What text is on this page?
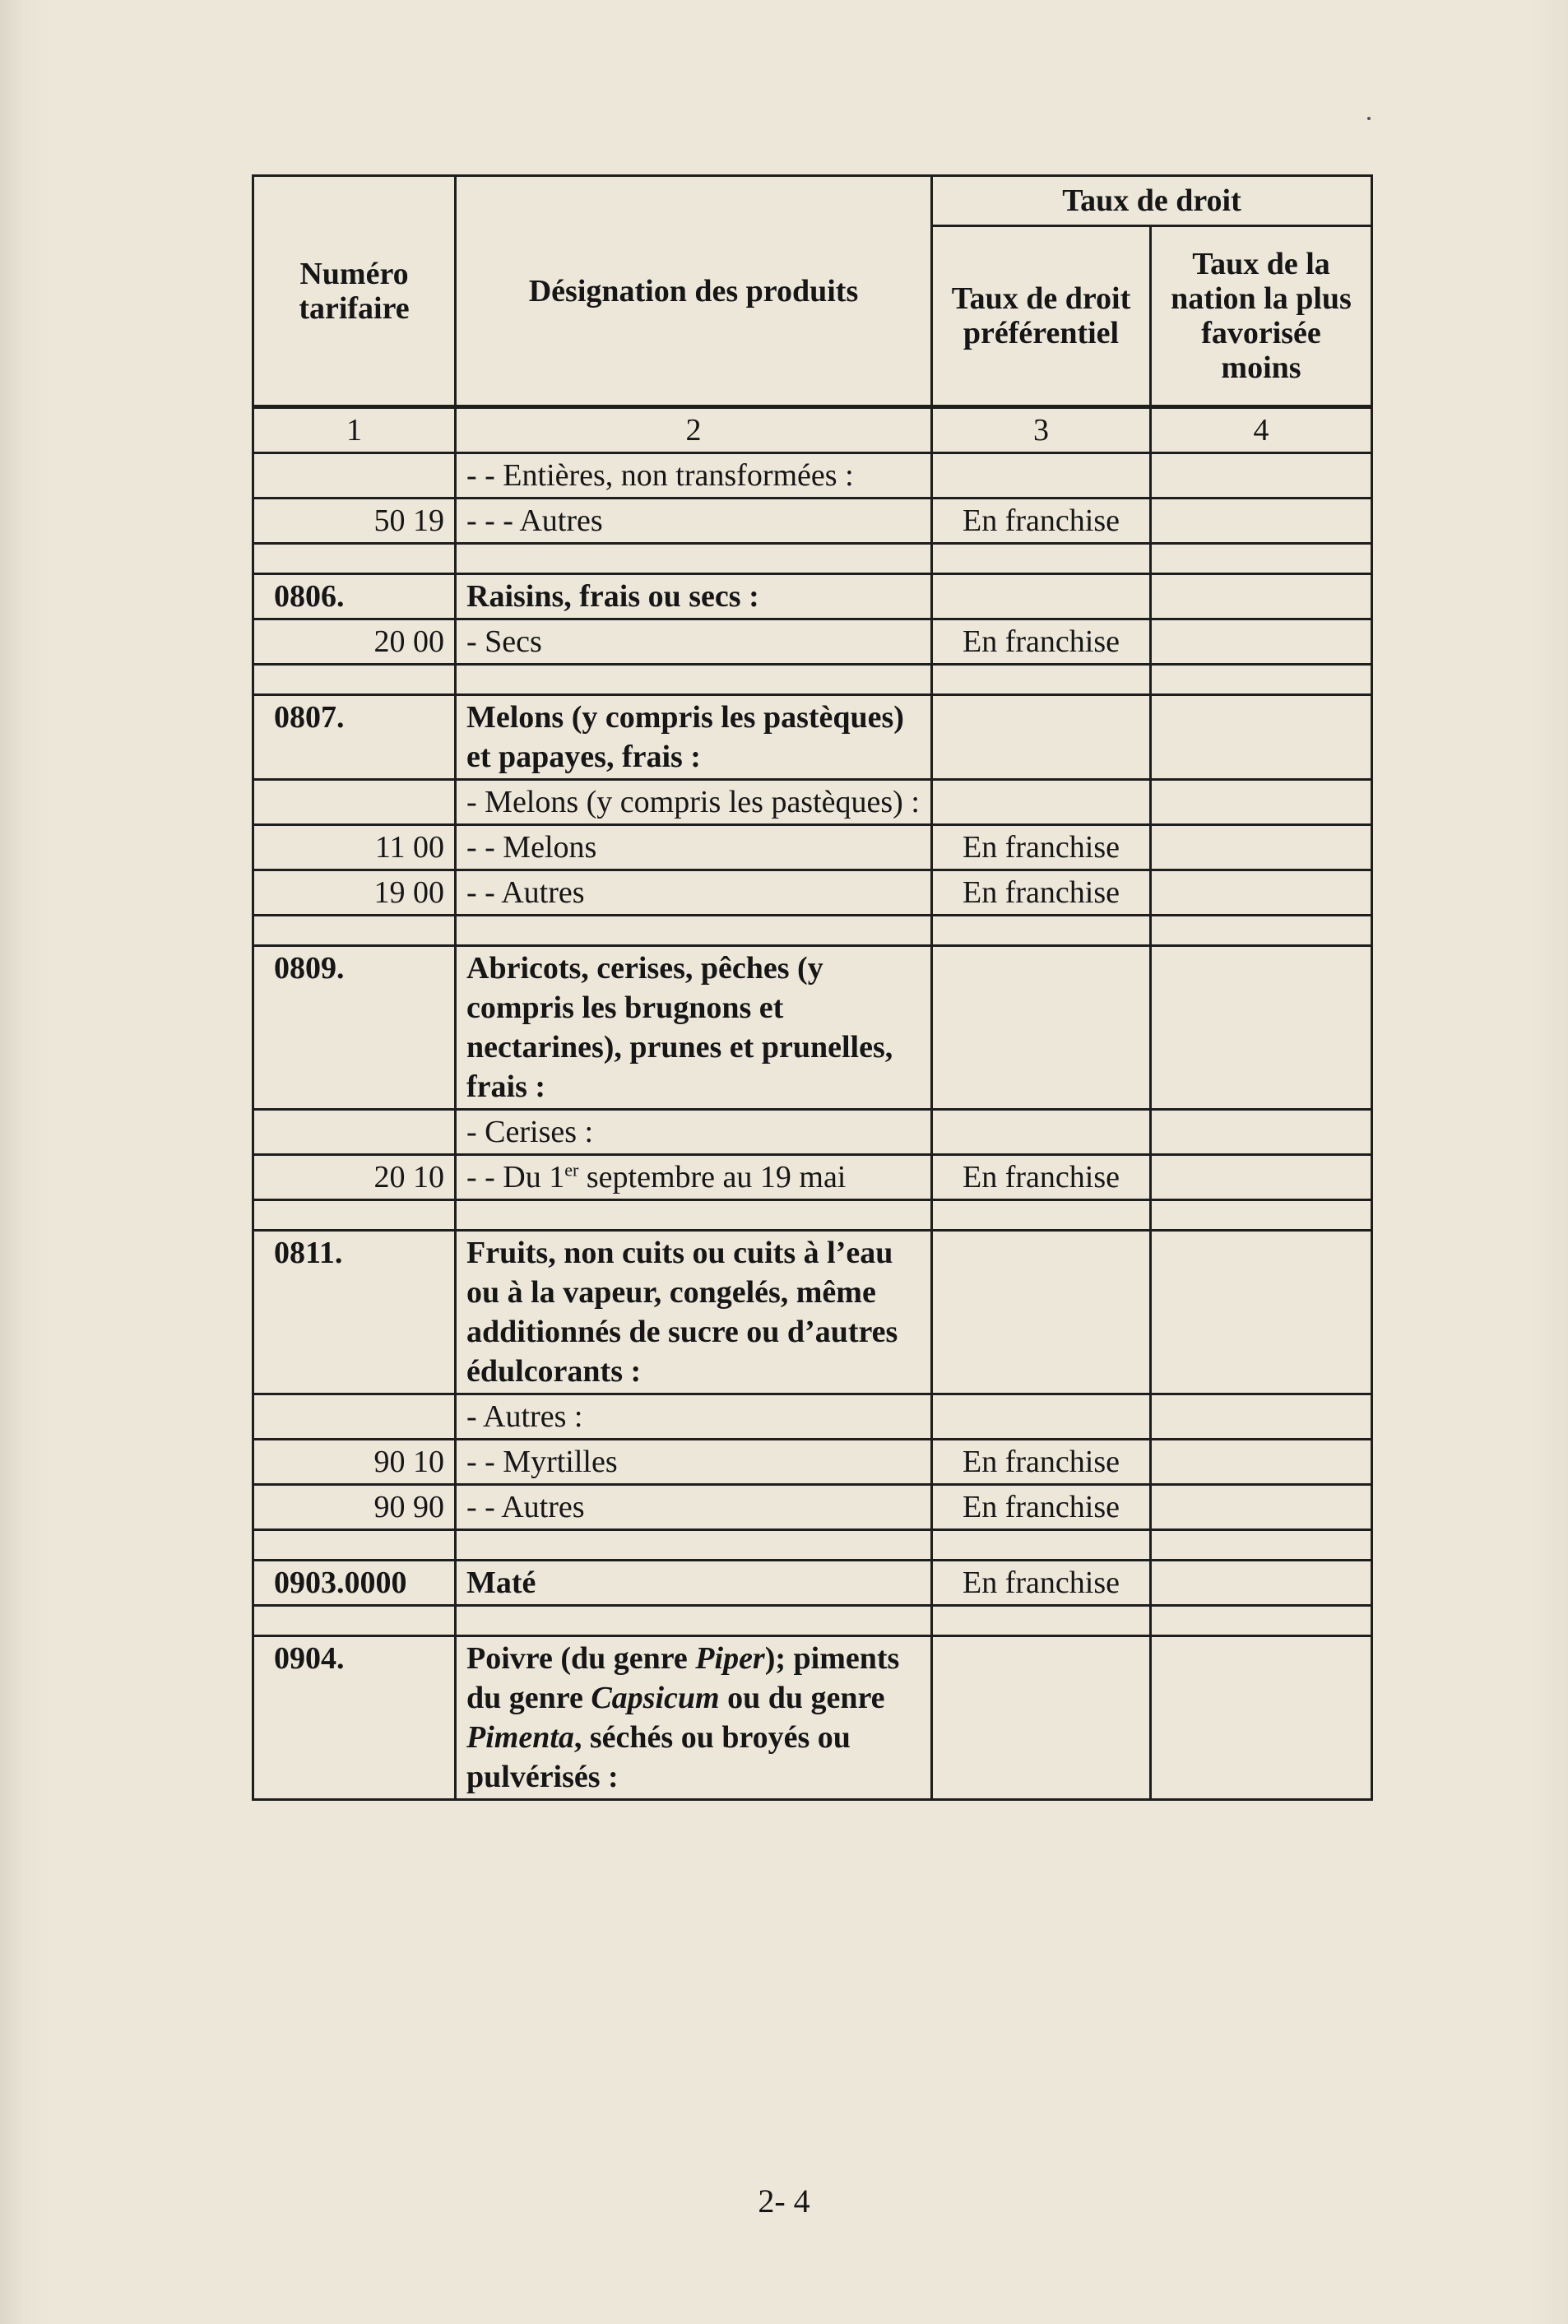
Numéro tarifaire	Désignation des produits	Taux de droit	
		Taux de droit préférentiel	Taux de la nation la plus favorisée moins
1	2	3	4
	- - Entières, non transformées :		
50 19	- - - Autres	En franchise	

0806.	Raisins, frais ou secs :		
20 00	- Secs	En franchise	

0807.	Melons (y compris les pastèques) et papayes, frais :		
	- Melons (y compris les pastèques) :		
11 00	- - Melons	En franchise	
19 00	- - Autres	En franchise	

0809.	Abricots, cerises, pêches (y compris les brugnons et nectarines), prunes et prunelles, frais :		
	- Cerises :		
20 10	- - Du 1er septembre au 19 mai	En franchise	

0811.	Fruits, non cuits ou cuits à l’eau ou à la vapeur, congelés, même additionnés de sucre ou d’autres édulcorants :		
	- Autres :		
90 10	- - Myrtilles	En franchise	
90 90	- - Autres	En franchise	

0903.0000	Maté	En franchise	

0904.	Poivre (du genre Piper); piments du genre Capsicum ou du genre Pimenta, séchés ou broyés ou pulvérisés :		
2- 4
